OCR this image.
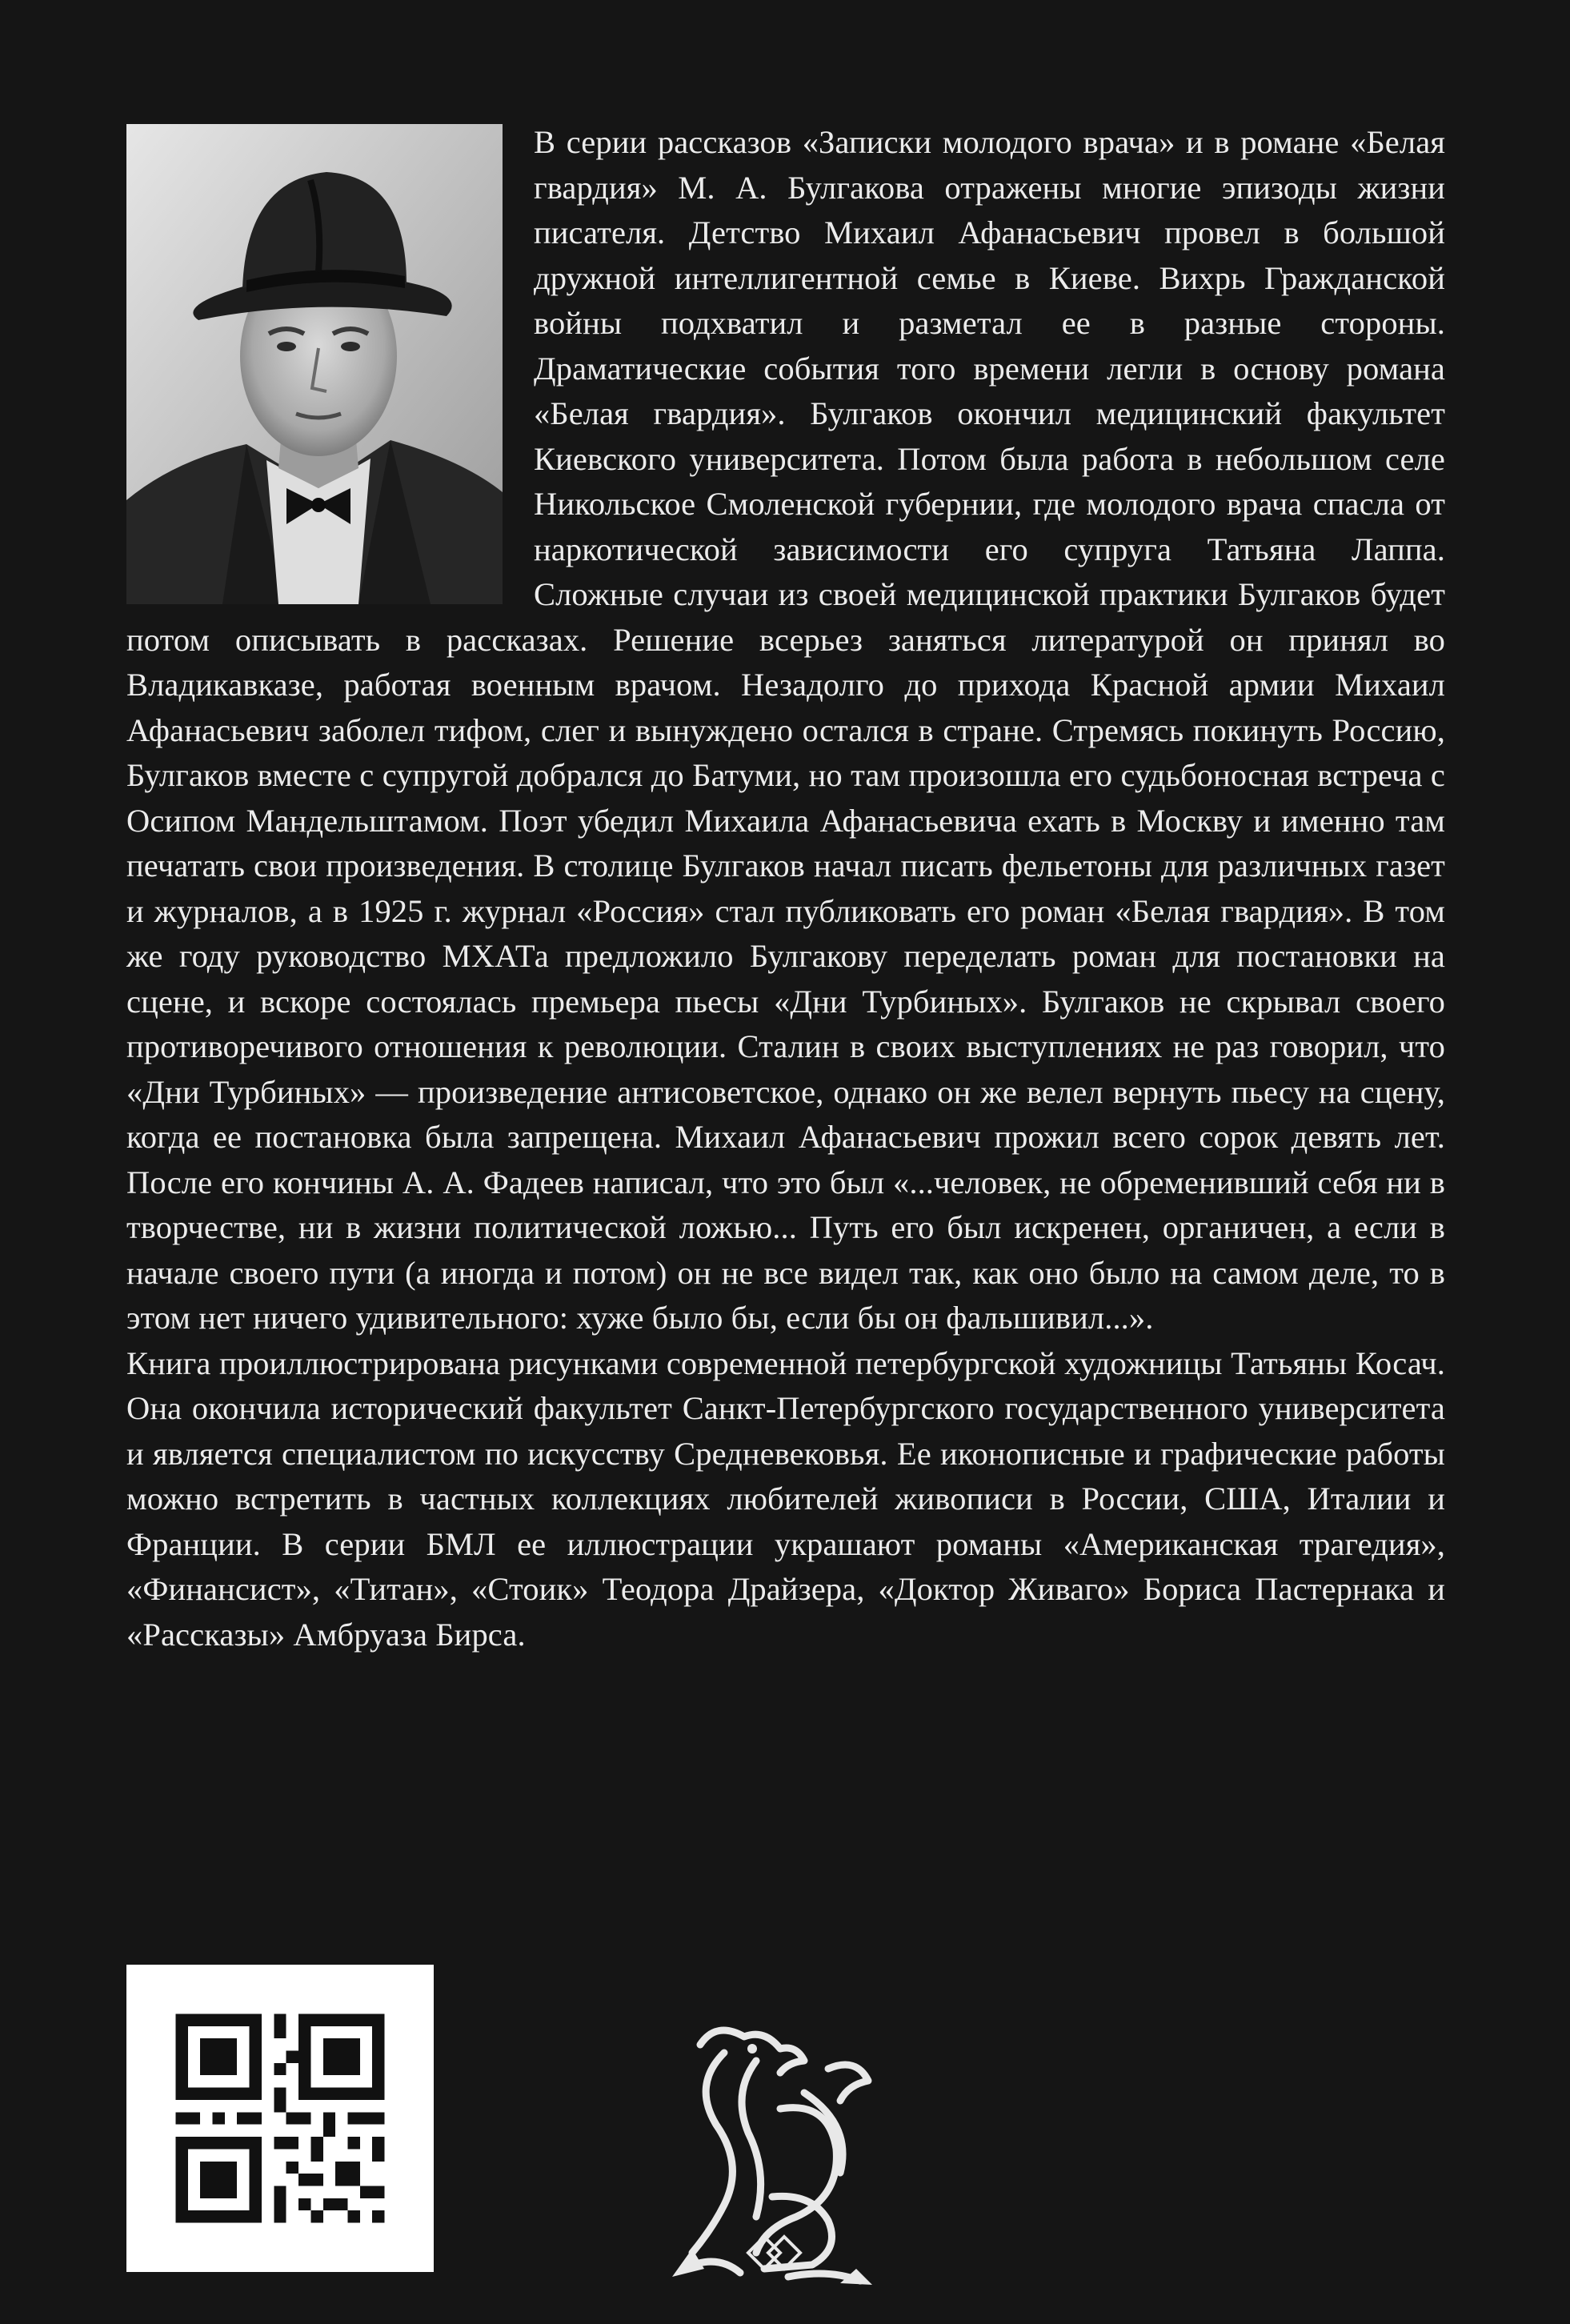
В серии рассказов «Записки молодого врача» и в романе «Белая гвардия» М. А. Булгакова отражены многие эпизоды жизни писателя. Детство Михаил Афанасьевич провел в большой дружной интеллигентной семье в Киеве. Вихрь Гражданской войны подхватил и разметал ее в разные стороны. Драматические события того времени легли в основу романа «Белая гвардия». Булгаков окончил медицинский факультет Киевского университета. Потом была работа в небольшом селе Никольское Смоленской губернии, где молодого врача спасла от наркотической зависимости его супруга Татьяна Лаппа. Сложные случаи из своей медицинской практики Булгаков будет потом описывать в рассказах. Решение всерьез заняться литературой он принял во Владикавказе, работая военным врачом. Незадолго до прихода Красной армии Михаил Афанасьевич заболел тифом, слег и вынуждено остался в стране. Стремясь покинуть Россию, Булгаков вместе с супругой добрался до Батуми, но там произошла его судьбоносная встреча с Осипом Мандельштамом. Поэт убедил Михаила Афанасьевича ехать в Москву и именно там печатать свои произведения. В столице Булгаков начал писать фельетоны для различных газет и журналов, а в 1925 г. журнал «Россия» стал публиковать его роман «Белая гвардия». В том же году руководство МХАТа предложило Булгакову переделать роман для постановки на сцене, и вскоре состоялась премьера пьесы «Дни Турбиных». Булгаков не скрывал своего противоречивого отношения к революции. Сталин в своих выступлениях не раз говорил, что «Дни Турбиных» — произведение антисоветское, однако он же велел вернуть пьесу на сцену, когда ее постановка была запрещена. Михаил Афанасьевич прожил всего сорок девять лет. После его кончины А. А. Фадеев написал, что это был «...человек, не обременивший себя ни в творчестве, ни в жизни политической ложью... Путь его был искренен, органичен, а если в начале своего пути (а иногда и потом) он не все видел так, как оно было на самом деле, то в этом нет ничего удивительного: хуже было бы, если бы он фальшивил...».

Книга проиллюстрирована рисунками современной петербургской художницы Татьяны Косач. Она окончила исторический факультет Санкт-Петербургского государственного университета и является специалистом по искусству Средневековья. Ее иконописные и графические работы можно встретить в частных коллекциях любителей живописи в России, США, Италии и Франции. В серии БМЛ ее иллюстрации украшают романы «Американская трагедия», «Финансист», «Титан», «Стоик» Теодора Драйзера, «Доктор Живаго» Бориса Пастернака и «Рассказы» Амбруаза Бирса.
